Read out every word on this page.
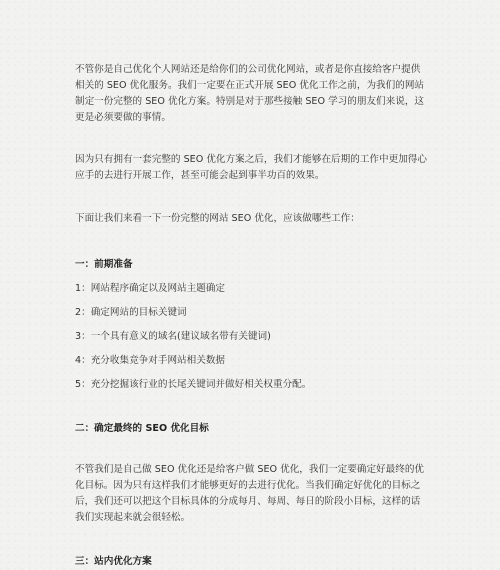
不管你是自己优化个人网站还是给你们的公司优化网站，或者是你直接给客户提供相关的 SEO 优化服务。我们一定要在正式开展 SEO 优化工作之前，为我们的网站制定一份完整的 SEO 优化方案。特别是对于那些接触 SEO 学习的朋友们来说，这更是必须要做的事情。

因为只有拥有一套完整的 SEO 优化方案之后，我们才能够在后期的工作中更加得心应手的去进行开展工作，甚至可能会起到事半功百的效果。

下面让我们来看一下一份完整的网站 SEO 优化，应该做哪些工作：

一：前期准备

1：网站程序确定以及网站主题确定

2：确定网站的目标关键词

3：一个具有意义的域名(建议域名带有关键词)

4：充分收集竞争对手网站相关数据

5：充分挖掘该行业的长尾关键词并做好相关权重分配。

二：确定最终的 SEO 优化目标

不管我们是自己做 SEO 优化还是给客户做 SEO 优化，我们一定要确定好最终的优化目标。因为只有这样我们才能够更好的去进行优化。当我们确定好优化的目标之后，我们还可以把这个目标具体的分成每月、每周、每日的阶段小目标，这样的话我们实现起来就会很轻松。

三：站内优化方案
